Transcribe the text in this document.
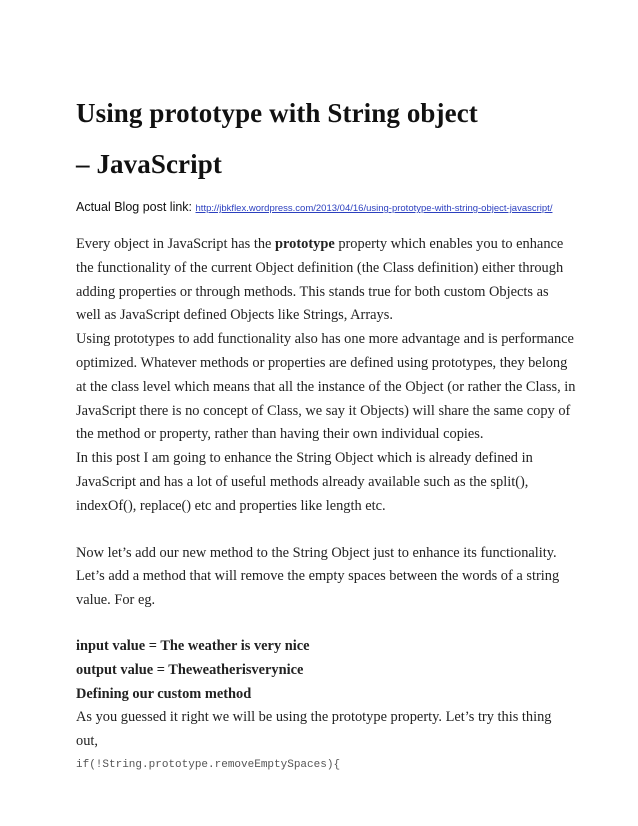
Using prototype with String object
– JavaScript

Actual Blog post link: http://jbkflex.wordpress.com/2013/04/16/using-prototype-with-string-object-javascript/

Every object in JavaScript has the prototype property which enables you to enhance the functionality of the current Object definition (the Class definition) either through adding properties or through methods. This stands true for both custom Objects as well as JavaScript defined Objects like Strings, Arrays.

Using prototypes to add functionality also has one more advantage and is performance optimized. Whatever methods or properties are defined using prototypes, they belong at the class level which means that all the instance of the Object (or rather the Class, in JavaScript there is no concept of Class, we say it Objects) will share the same copy of the method or property, rather than having their own individual copies.

In this post I am going to enhance the String Object which is already defined in JavaScript and has a lot of useful methods already available such as the split(), indexOf(), replace() etc and properties like length etc.

Now let’s add our new method to the String Object just to enhance its functionality. Let’s add a method that will remove the empty spaces between the words of a string value. For eg.

input value = The weather is very nice

output value = Theweatherisverynice

Defining our custom method

As you guessed it right we will be using the prototype property. Let’s try this thing out,

if(!String.prototype.removeEmptySpaces){
